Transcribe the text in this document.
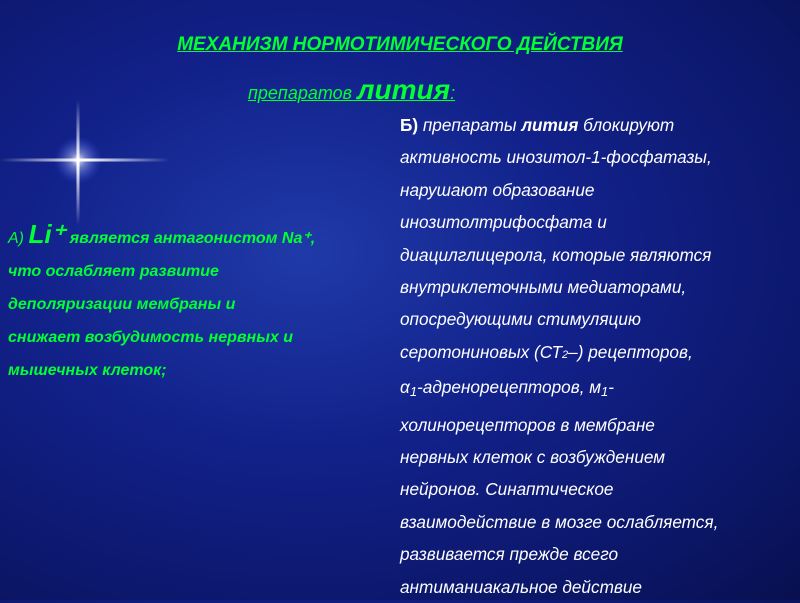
МЕХАНИЗМ НОРМОТИМИЧЕСКОГО ДЕЙСТВИЯ
препаратов лития:
А) Li⁺ является антагонистом Na⁺,
что ослабляет развитие
деполяризации мембраны и
снижает возбудимость нервных и
мышечных клеток;

Б) препараты лития блокируют

активность инозитол-1-фосфатазы,

нарушают образование

инозитолтрифосфата и

диацилглицерола, которые являются

внутриклеточными медиаторами,

опосредующими стимуляцию

серотониновых (СТ2–) рецепторов,

α1-адренорецепторов, м1-

холинорецепторов в мембране

нервных клеток с возбуждением

нейронов. Синаптическое

взаимодействие в мозге ослабляется,

развивается прежде всего

антиманиакальное действие
